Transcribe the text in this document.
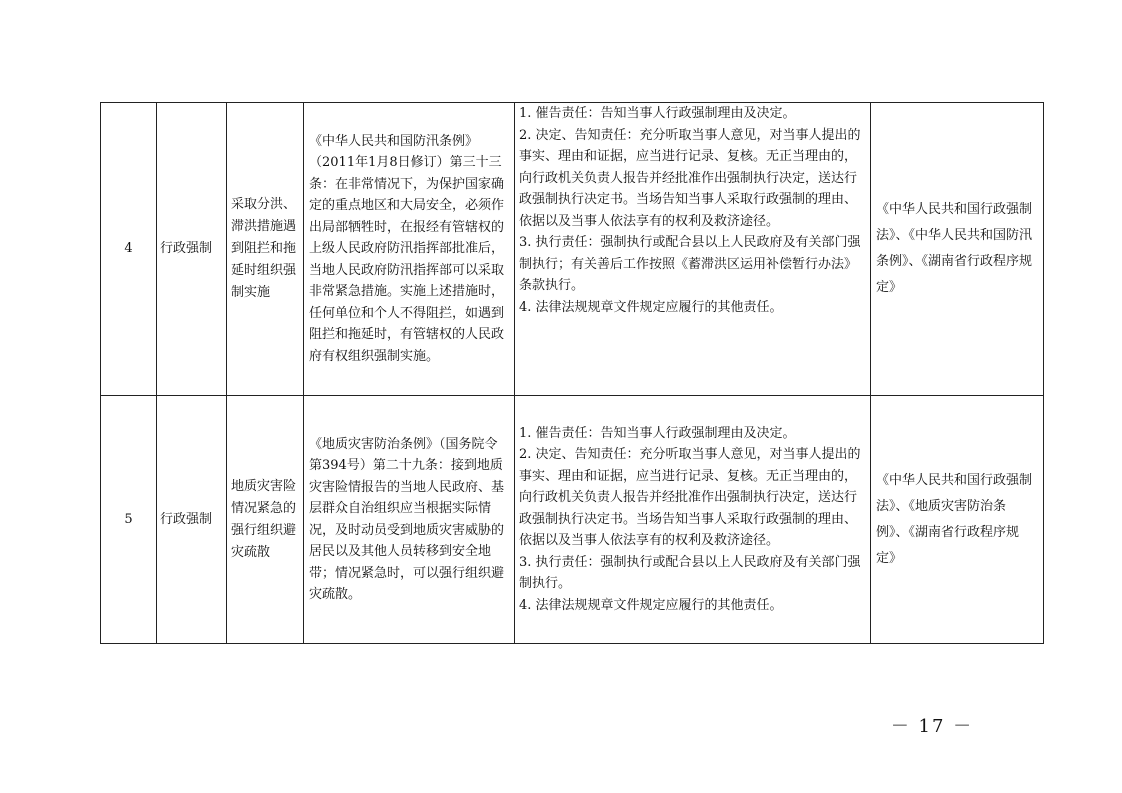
4	行政强制	采取分洪、滞洪措施遇到阻拦和拖延时组织强制实施	《中华人民共和国防汛条例》（2011年1月8日修订）第三十三条：在非常情况下，为保护国家确定的重点地区和大局安全，必须作出局部牺牲时，在报经有管辖权的上级人民政府防汛指挥部批准后，当地人民政府防汛指挥部可以采取非常紧急措施。实施上述措施时，任何单位和个人不得阻拦，如遇到阻拦和拖延时，有管辖权的人民政府有权组织强制实施。	1. 催告责任：告知当事人行政强制理由及决定。
2. 决定、告知责任：充分听取当事人意见，对当事人提出的事实、理由和证据，应当进行记录、复核。无正当理由的，向行政机关负责人报告并经批准作出强制执行决定，送达行政强制执行决定书。当场告知当事人采取行政强制的理由、依据以及当事人依法享有的权利及救济途径。
3. 执行责任：强制执行或配合县以上人民政府及有关部门强制执行；有关善后工作按照《蓄滞洪区运用补偿暂行办法》条款执行。
4. 法律法规规章文件规定应履行的其他责任。	《中华人民共和国行政强制法》、《中华人民共和国防汛条例》、《湖南省行政程序规定》

5	行政强制	地质灾害险情况紧急的强行组织避灾疏散	《地质灾害防治条例》（国务院令第394号）第二十九条：接到地质灾害险情报告的当地人民政府、基层群众自治组织应当根据实际情况，及时动员受到地质灾害威胁的居民以及其他人员转移到安全地带；情况紧急时，可以强行组织避灾疏散。	1. 催告责任：告知当事人行政强制理由及决定。
2. 决定、告知责任：充分听取当事人意见，对当事人提出的事实、理由和证据，应当进行记录、复核。无正当理由的，向行政机关负责人报告并经批准作出强制执行决定，送达行政强制执行决定书。当场告知当事人采取行政强制的理由、依据以及当事人依法享有的权利及救济途径。
3. 执行责任：强制执行或配合县以上人民政府及有关部门强制执行。
4. 法律法规规章文件规定应履行的其他责任。	《中华人民共和国行政强制法》、《地质灾害防治条例》、《湖南省行政程序规定》
－ 17 －
